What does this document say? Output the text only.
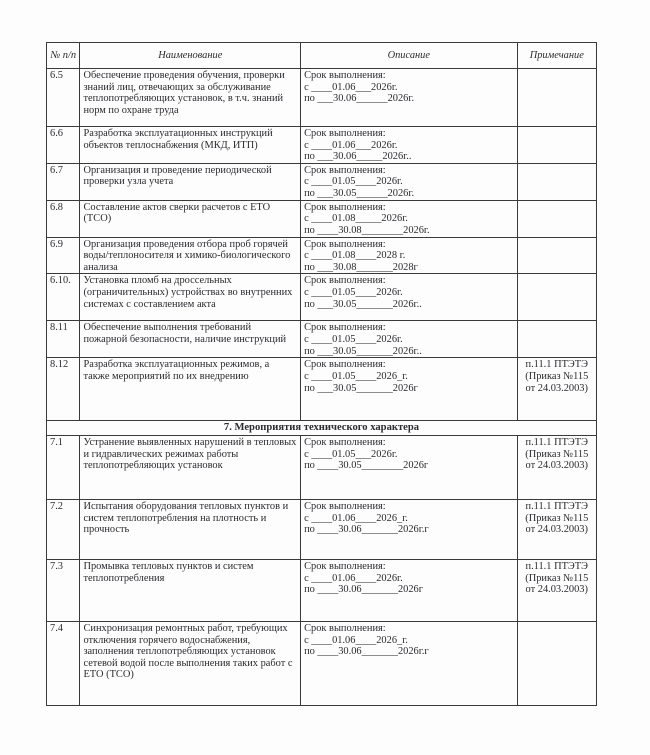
№ п/п	Наименование	Описание	Примечание
6.5	Обеспечение проведения обучения, проверки знаний лиц, отвечающих за обслуживание теплопотребляющих установок, в т.ч. знаний норм по охране труда	Срок выполнения:
с ____01.06___2026г.
по ___30.06______2026г.	

6.6	Разработка эксплуатационных инструкций объектов теплоснабжения (МКД, ИТП)	Срок выполнения:
с ____01.06___2026г.
по ___30.06_____2026г..	

6.7	Организация и проведение периодической проверки узла учета	Срок выполнения:
с ____01.05____2026г.
по ___30.05______2026г.	

6.8	Составление актов сверки расчетов с ЕТО (ТСО)	Срок выполнения:
с ____01.08_____2026г.
по ____30.08________2026г.	

6.9	Организация проведения отбора проб горячей воды/теплоносителя и химико-биологического анализа	Срок выполнения:
с ____01.08____2028 г.
по ___30.08_______2028г	

6.10.	Установка пломб на дроссельных (ограничительных) устройствах во внутренних системах с составлением акта	Срок выполнения:
с ____01.05____2026г.
по ___30.05_______2026г..	

8.11	Обеспечение выполнения требований пожарной безопасности, наличие инструкций	Срок выполнения:
с ____01.05____2026г.
по ___30.05_______2026г..	

8.12	Разработка эксплуатационных режимов, а также мероприятий по их внедрению	Срок выполнения:
с ____01.05____2026_г.
по ___30.05_______2026г	п.11.1 ПТЭТЭ (Приказ №115 от 24.03.2003)
7. Мероприятия технического характера			
7.1	Устранение выявленных нарушений в тепловых и гидравлических режимах работы теплопотребляющих установок	Срок выполнения:
с ____01.05___2026г.
по ____30.05________2026г	п.11.1 ПТЭТЭ (Приказ №115 от 24.03.2003)
7.2	Испытания оборудования тепловых пунктов и систем теплопотребления на плотность и прочность	Срок выполнения:
с ____01.06____2026_г.
по ____30.06_______2026г.г	п.11.1 ПТЭТЭ (Приказ №115 от 24.03.2003)
7.3	Промывка тепловых пунктов и систем теплопотребления	Срок выполнения:
с ____01.06____2026г.
по ____30.06_______2026г	п.11.1 ПТЭТЭ (Приказ №115 от 24.03.2003)
7.4	Синхронизация ремонтных работ, требующих отключения горячего водоснабжения, заполнения теплопотребляющих установок сетевой водой после выполнения таких работ с ЕТО (ТСО)	Срок выполнения:
с ____01.06____2026_г.
по ____30.06_______2026г.г	
